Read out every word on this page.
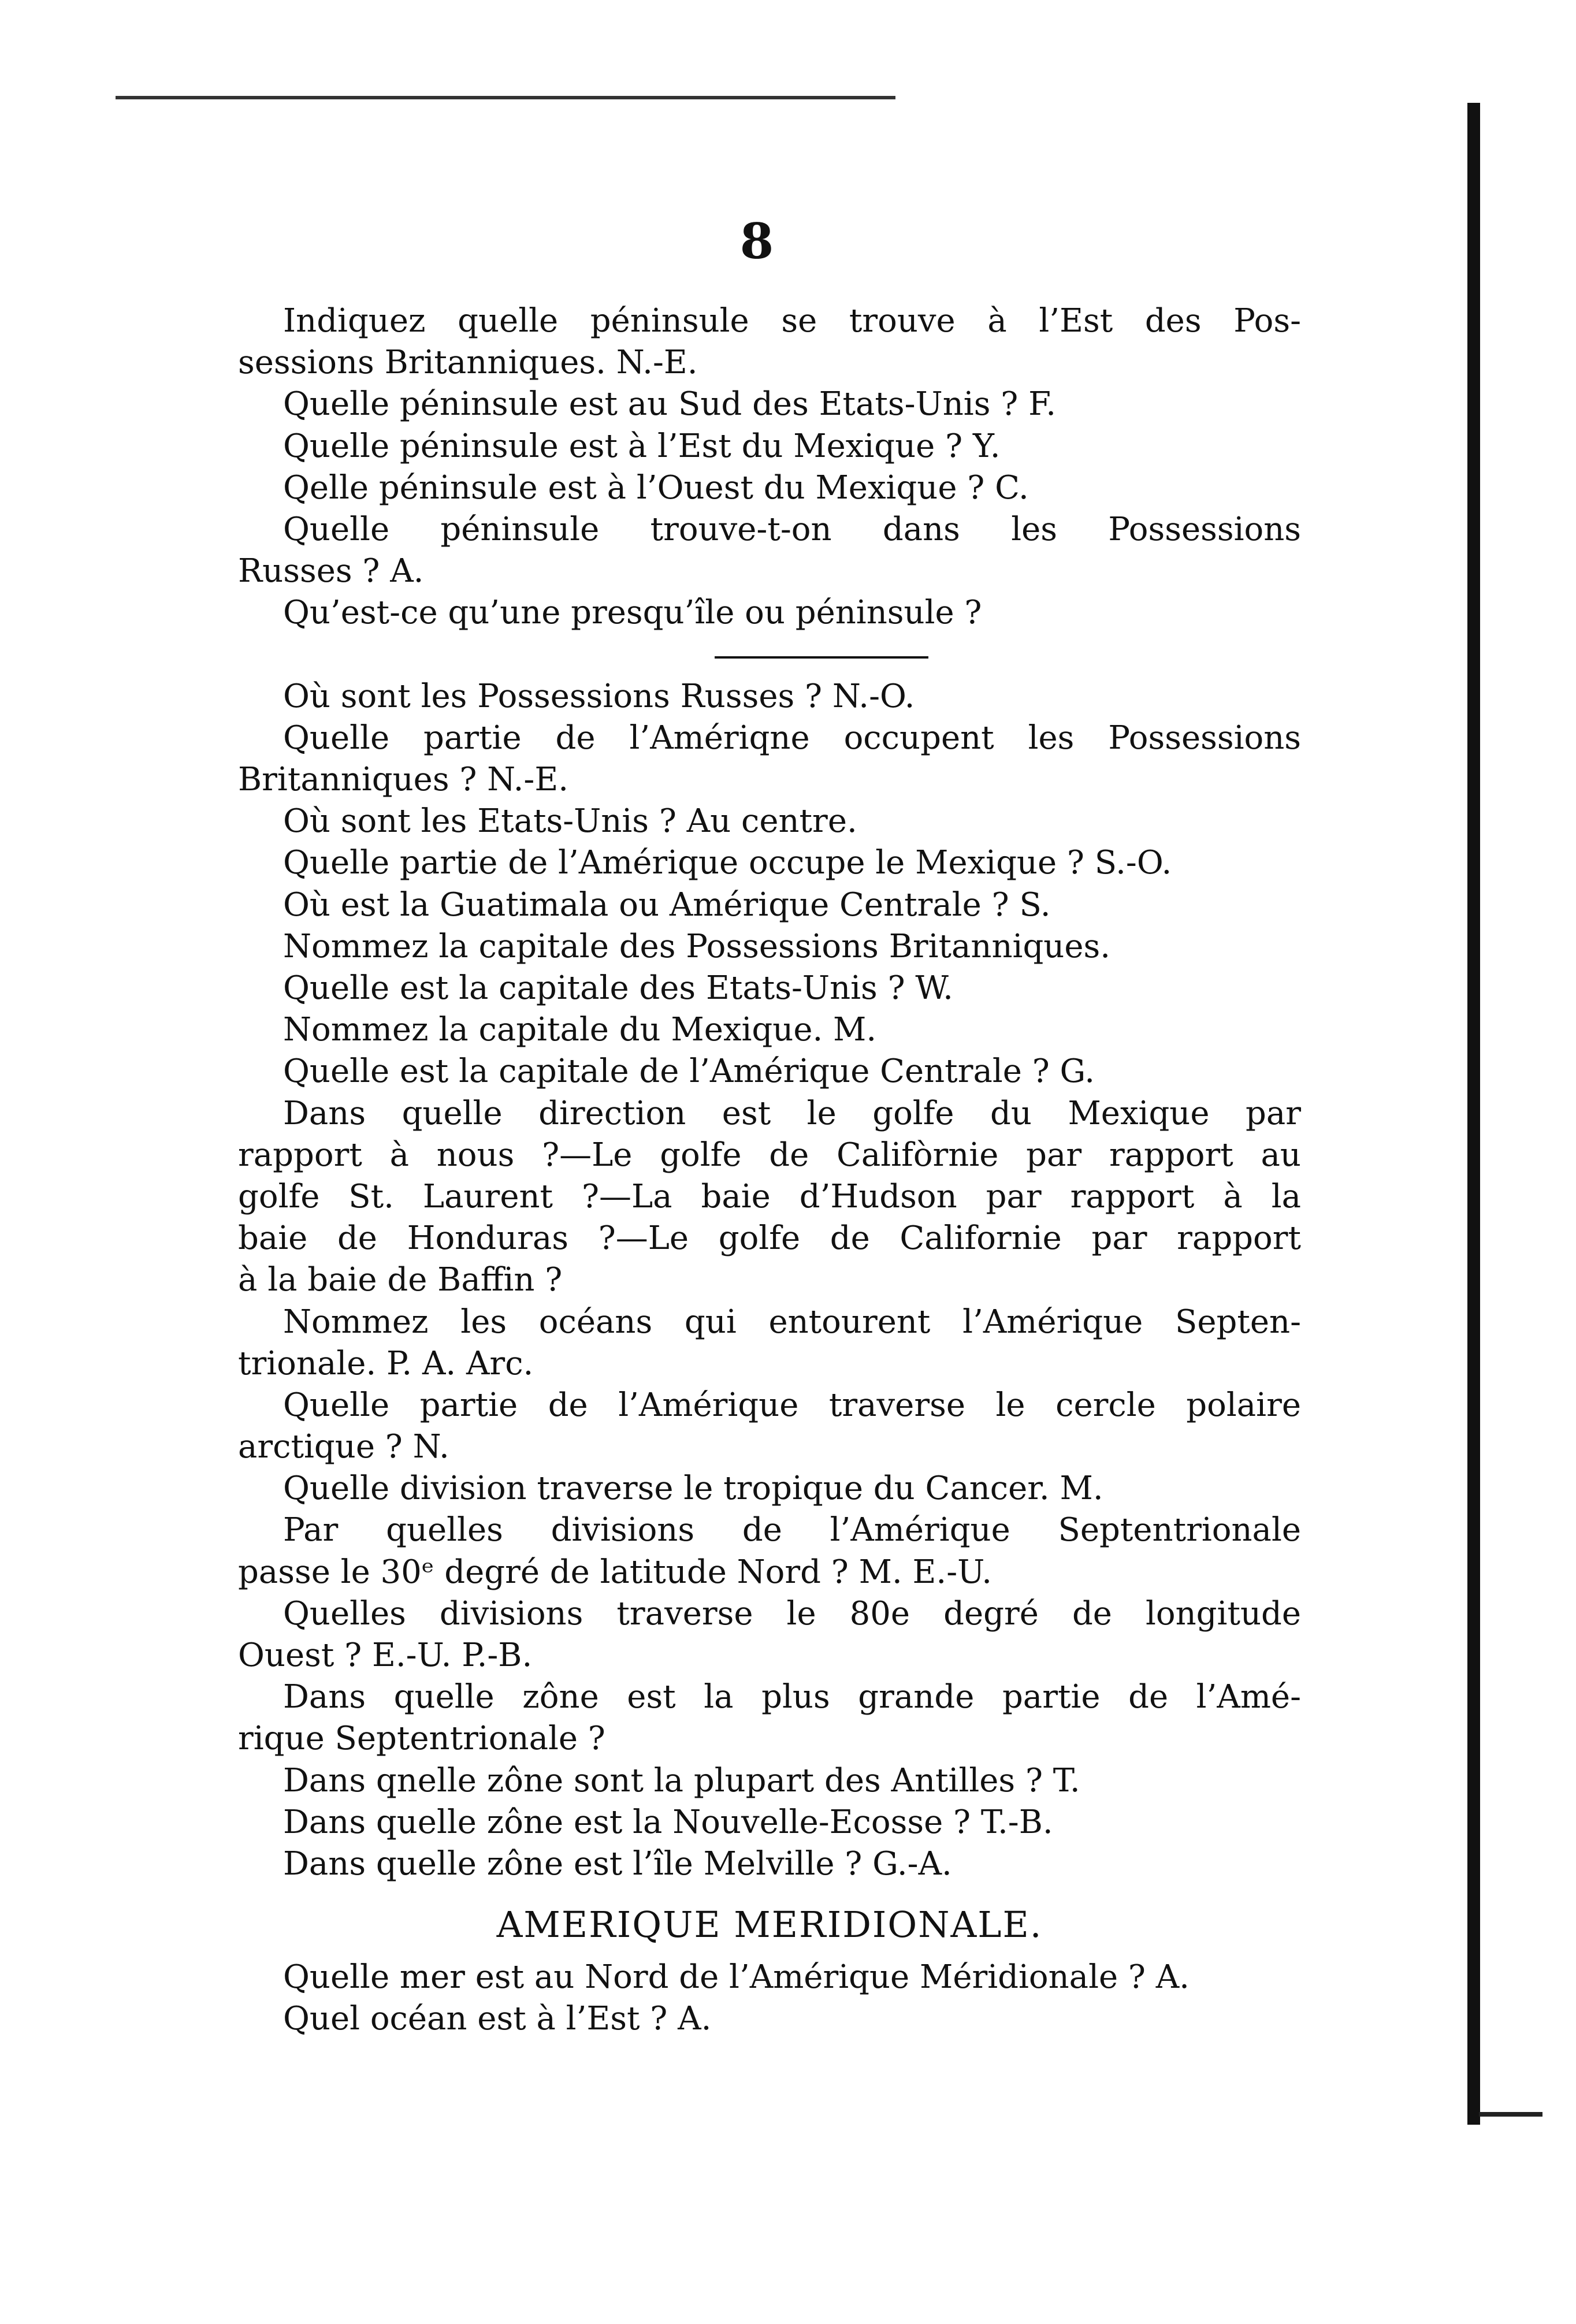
8
Indiquez quelle péninsule se trouve à l’Est des Pos-
sessions Britanniques. N.-E.
Quelle péninsule est au Sud des Etats-Unis ? F.
Quelle péninsule est à l’Est du Mexique ? Y.
Qelle péninsule est à l’Ouest du Mexique ? C.
Quelle péninsule trouve-t-on dans les Possessions
Russes ? A.
Qu’est-ce qu’une presqu’île ou péninsule ?
Où sont les Possessions Russes ? N.-O.
Quelle partie de l’Amériqne occupent les Possessions
Britanniques ? N.-E.
Où sont les Etats-Unis ? Au centre.
Quelle partie de l’Amérique occupe le Mexique ? S.-O.
Où est la Guatimala ou Amérique Centrale ? S.
Nommez la capitale des Possessions Britanniques.
Quelle est la capitale des Etats-Unis ? W.
Nommez la capitale du Mexique. M.
Quelle est la capitale de l’Amérique Centrale ? G.
Dans quelle direction est le golfe du Mexique par
rapport à nous ?—Le golfe de Califòrnie par rapport au
golfe St. Laurent ?—La baie d’Hudson par rapport à la
baie de Honduras ?—Le golfe de Californie par rapport
à la baie de Baffin ?
Nommez les océans qui entourent l’Amérique Septen-
trionale. P. A. Arc.
Quelle partie de l’Amérique traverse le cercle polaire
arctique ? N.
Quelle division traverse le tropique du Cancer. M.
Par quelles divisions de l’Amérique Septentrionale
passe le 30ᵉ degré de latitude Nord ? M. E.-U.
Quelles divisions traverse le 80e degré de longitude
Ouest ? E.-U. P.-B.
Dans quelle zône est la plus grande partie de l’Amé-
rique Septentrionale ?
Dans qnelle zône sont la plupart des Antilles ? T.
Dans quelle zône est la Nouvelle-Ecosse ? T.-B.
Dans quelle zône est l’île Melville ? G.-A.
AMERIQUE MERIDIONALE.
Quelle mer est au Nord de l’Amérique Méridionale ? A.
Quel océan est à l’Est ? A.
